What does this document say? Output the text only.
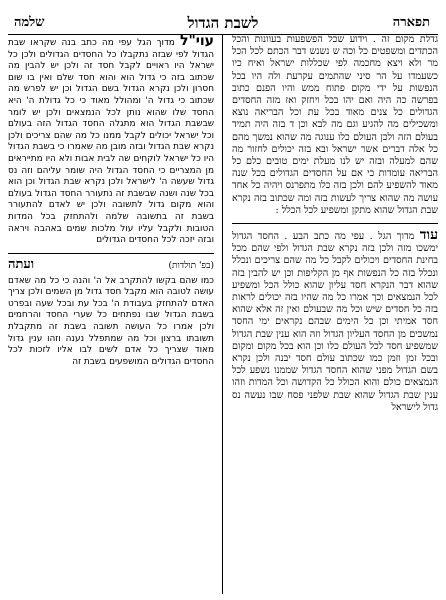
תפארה
לשבת הגדול
שלמה

גדלת מקום זה . וידוע שכל הפשפעות בעוונות והכל הכתדים ומשפטים כל וכה ש נשנש דבר הכתם לכל הכל מר ולא ויצא מחכמה לפי שכללות ישראל ואיח כיו כשעמדו על הר סיני שהתמים עקרעת ולה היו בכל הנפשות על ידי מקום פתוח ממש והיו הפנם כתוב בפרשה כה היה ואם יהו בכל ויחזק ואז מזה החסדים הגדולים כל צנים מאוד בכל עת וכל הבריאה נוצא ומשכילים מה להגיע וגם מה לבא וכן ד בזה היה תמיד בעולם הזה ולכן העולם כלו ענוגה מה שהוא נמשך מהם כל אלה דברים אשר ישראל ובא בזה יכולים לחזור מה שהם למעלה ובזה יש לנו מעלת ימים טובים כלם כל הבריאה עומדות כי אם על החסדים הגדולים בכל שנה מאוד להשפיע להם ולכן בזה כלו מתפרנס ויהיה כל אחד עושה מה שהוא צריך לעשות בזה ומה שכתוב בזה נקרא שבת הגדול שהוא מתקן ומשפיע לכל הכלל :

עוד מדוך הגל . עפי מה כתב הבע . החסד הגדול ימשכו מזה ולכן בזה נקרא שבת הגדול ולפי שהם מכל בחינת החסדים ויכולים לקבל כל מה שהם צריכים ונכלל ונכלל בזה כל הנפשות אף מן הקליפות וכן יש להבין בזה שהוא דבר הנקרא חסד עליון שהוא כולל הכל ומשפיע לכל הנמצאים וכך אמרו כל מה שהיו בזה יכולים לראות בזה כל חסדים שיש וכל מה שבעולם ואין זה אלא שהוא חסד אמיתי וכן כל הימים שבהם נקראים ימי החסד נמשכים מן החסד העליון הגדול וזה הוא ענין שבת הגדול שמשפיע חסד לכל העולם כלו וכן הוא בכל מקום ומקום ובכל זמן וזמן כמו שכתוב עולם חסד יבנה ולכן נקרא בשם הגדול מפני שהוא החסד הגדול שממנו נשפע לכל הנמצאים כולם והוא הכולל כל הקדושה וכל המדות וזהו ענין שבת הגדול שהוא שבת שלפני פסח שבו נעשה נס גדול לישראל

עוי"ל מדוך הגל עפי מה כתב בנה שקראו שבת הגדול לפי שבזה נתקבלו כל החסדים הגדולים ולכן כל ישראל היו ראויים לקבל חסד זה ולכן יש להבין מה שכתוב בזה כי גדול הוא והוא חסד שלם ואין בו שום חסרון ולכן נקרא הגדול בשם הגדול וכן יש לפרש מה שכתוב כי גדול ה' ומהולל מאוד כי כל גדולת ה' היא החסד שלו שהוא נותן לכל הנמצאים ולכן יש לומר שבשבת הגדול הוא מתגלה החסד הגדול הזה בעולם וכל ישראל יכולים לקבל ממנו כל מה שהם צריכים ולכן נקרא שבת הגדול ובזה מובן מה שאמרו כי בשבת הגדול היו כל ישראל לוקחים שה לבית אבות ולא היו מתייראים מן המצריים כי החסד הגדול היה שומר עליהם וזה נס גדול שעשה ה' לישראל ולכן נקרא שבת הגדול וכן הוא בכל שנה ושנה שבשבת זה נתעורר החסד הגדול בעולם והוא מקום גדול לתשובה ולכן יש לאדם להתעורר בשבת זה בתשובה שלמה ולהתחזק בכל המדות הטובות ולקבל עליו עול מלכות שמים באהבה ויראה ובזה יזכה לכל החסדים הגדולים

(בפ' תולדות)
ועתה

כמו שהם בקשו להתקרב אל ה' והנה כי כל מה שאדם עושה לטובה הוא מקבל חסד גדול מן השמים ולכן צריך האדם להתחזק בעבודת ה' בכל עת ובכל שעה ובפרט בשבת הגדול שבו נפתחים כל שערי החסד והרחמים ולכן אמרו כל העושה תשובה בשבת זה מתקבלת תשובתו ברצון וכל מה שמתפלל נענה וזהו ענין גדול מאוד שצריך כל אדם לשים לבו אליו לזכות לכל החסדים הגדולים המושפעים בשבת זה
